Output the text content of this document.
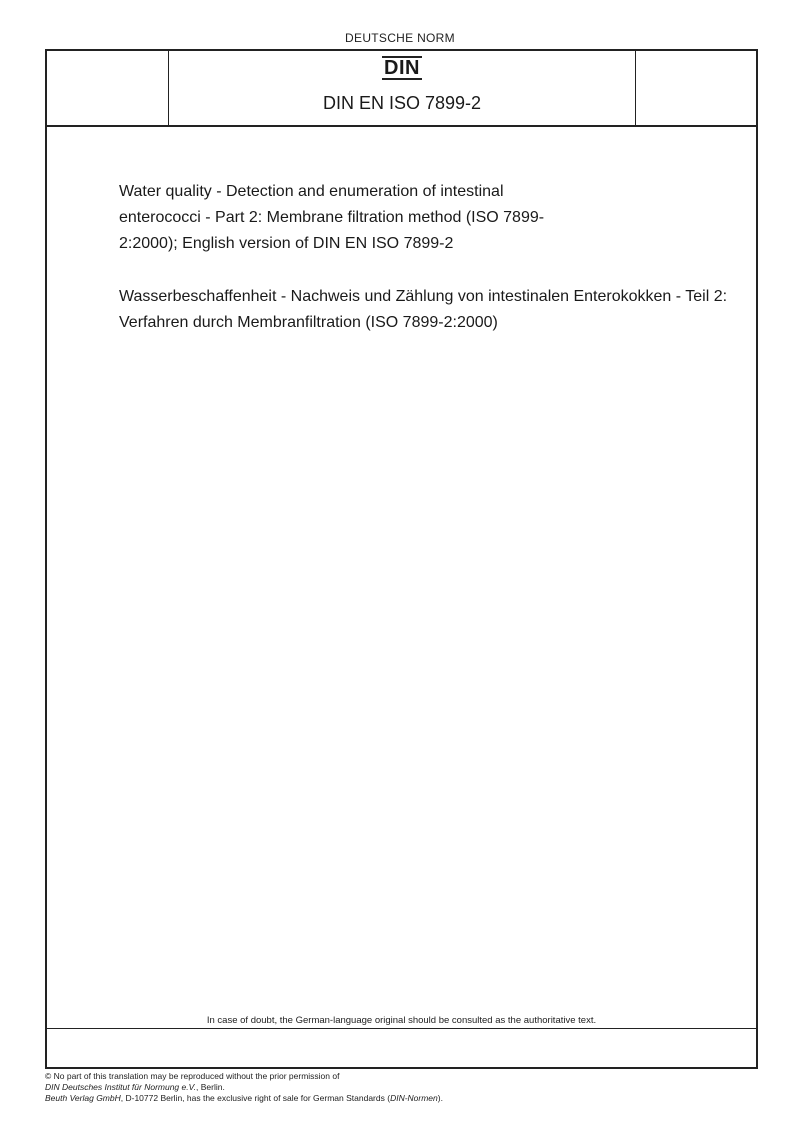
DEUTSCHE NORM
DIN
DIN EN ISO 7899-2
Water quality - Detection and enumeration of intestinal enterococci - Part 2: Membrane filtration method (ISO 7899-2:2000); English version of DIN EN ISO 7899-2
Wasserbeschaffenheit - Nachweis und Zählung von intestinalen Enterokokken - Teil 2: Verfahren durch Membranfiltration (ISO 7899-2:2000)
In case of doubt, the German-language original should be consulted as the authoritative text.
© No part of this translation may be reproduced without the prior permission of
DIN Deutsches Institut für Normung e.V., Berlin.
Beuth Verlag GmbH, D-10772 Berlin, has the exclusive right of sale for German Standards (DIN-Normen).
